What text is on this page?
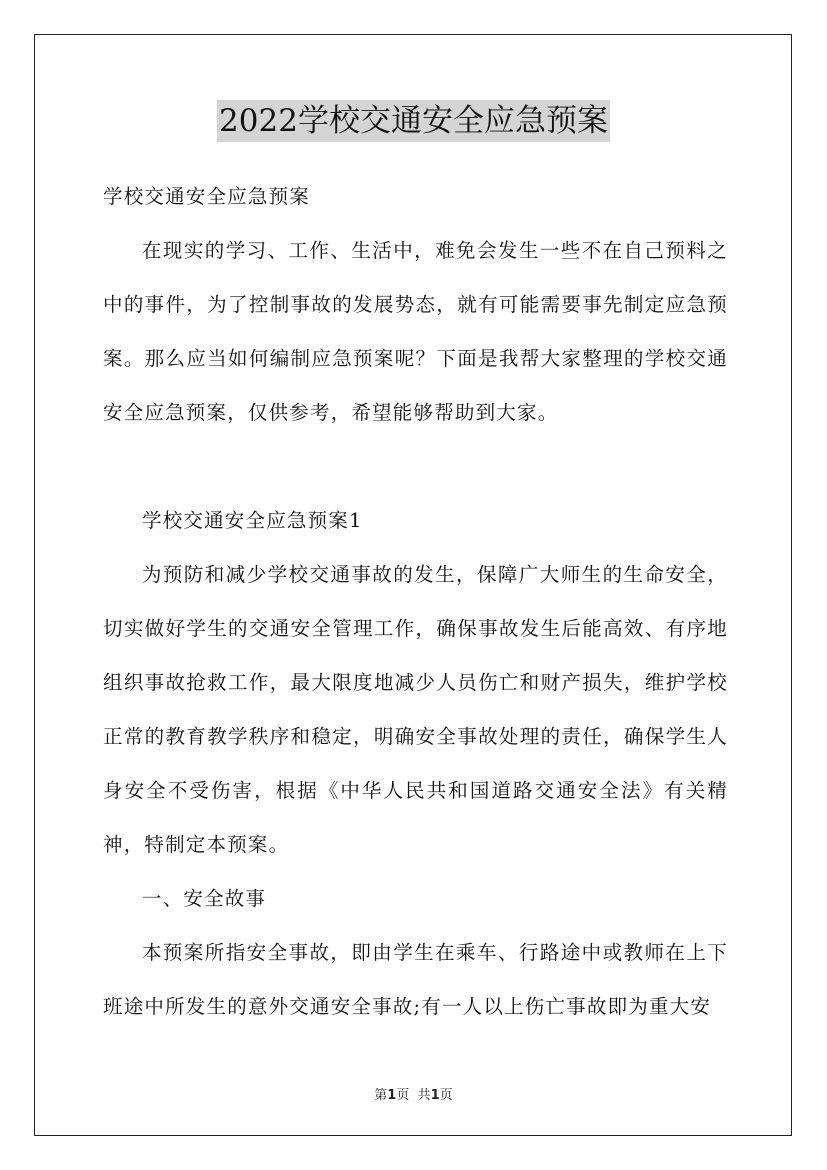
2022学校交通安全应急预案

学校交通安全应急预案

在现实的学习、工作、生活中，难免会发生一些不在自己预料之中的事件，为了控制事故的发展势态，就有可能需要事先制定应急预案。那么应当如何编制应急预案呢？下面是我帮大家整理的学校交通安全应急预案，仅供参考，希望能够帮助到大家。

学校交通安全应急预案1

为预防和减少学校交通事故的发生，保障广大师生的生命安全，切实做好学生的交通安全管理工作，确保事故发生后能高效、有序地组织事故抢救工作，最大限度地减少人员伤亡和财产损失，维护学校正常的教育教学秩序和稳定，明确安全事故处理的责任，确保学生人身安全不受伤害，根据《中华人民共和国道路交通安全法》有关精神，特制定本预案。

一、安全故事

本预案所指安全事故，即由学生在乘车、行路途中或教师在上下班途中所发生的意外交通安全事故;有一人以上伤亡事故即为重大安

第1页 共1页
